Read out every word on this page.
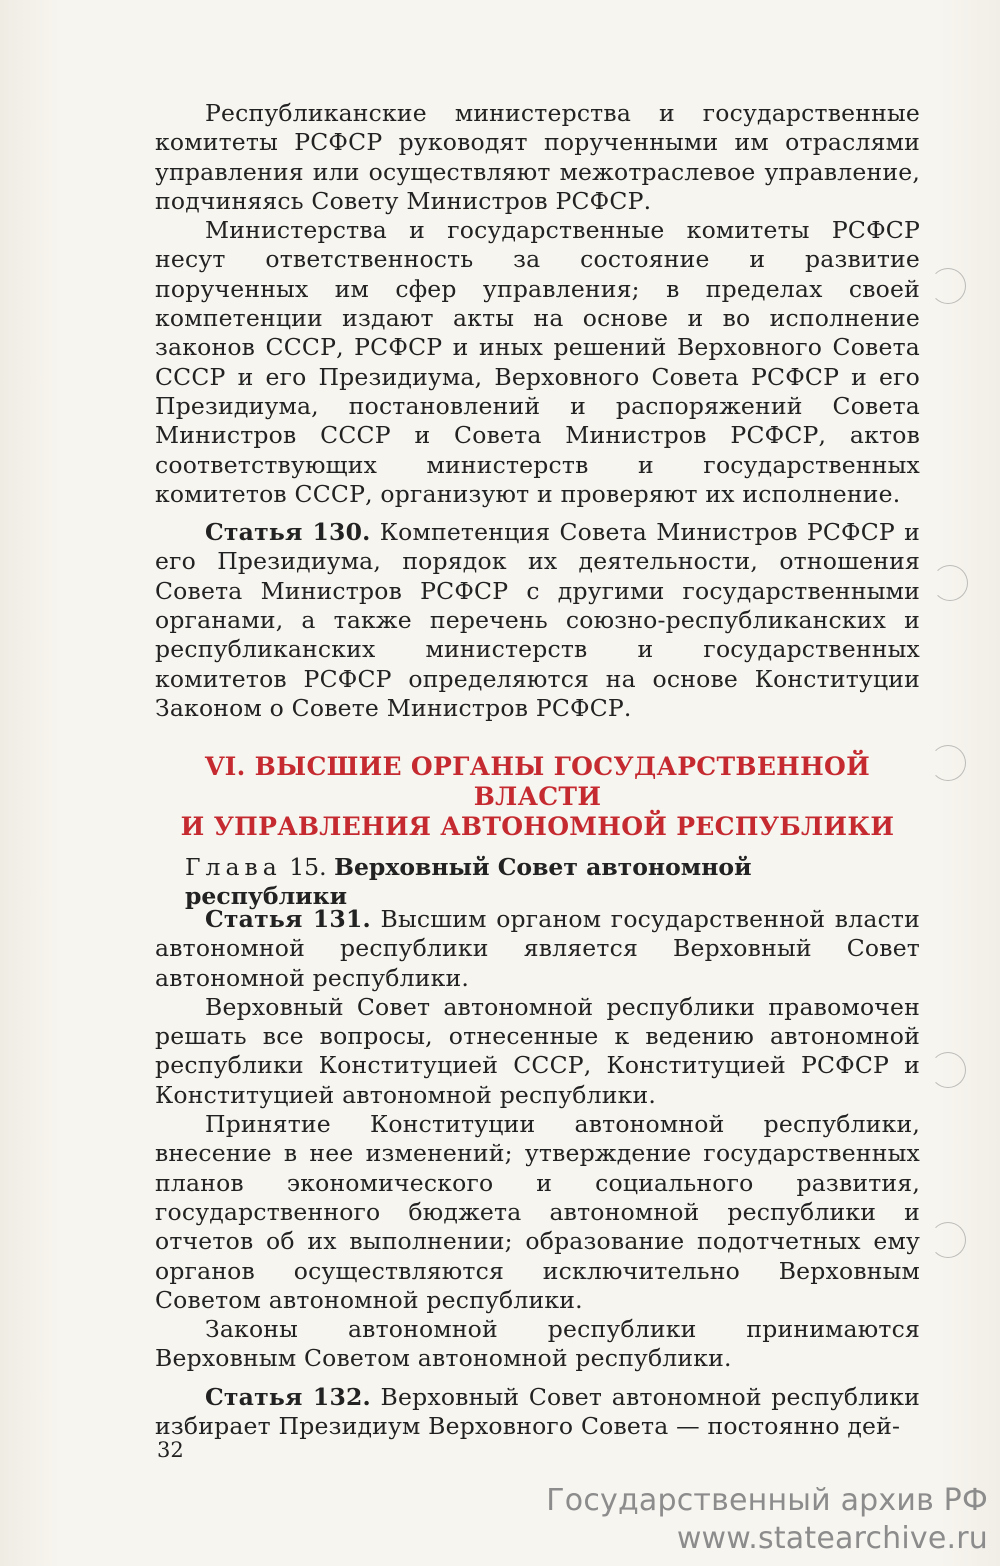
Республиканские министерства и государственные комитеты РСФСР руководят порученными им отраслями управления или осуществляют межотраслевое управление, подчиняясь Совету Министров РСФСР.

Министерства и государственные комитеты РСФСР несут ответственность за состояние и развитие порученных им сфер управления; в пределах своей компетенции издают акты на основе и во исполнение законов СССР, РСФСР и иных решений Верховного Совета СССР и его Президиума, Верховного Совета РСФСР и его Президиума, постановлений и распоряжений Совета Министров СССР и Совета Министров РСФСР, актов соответствующих министерств и государственных комитетов СССР, организуют и проверяют их исполнение.

Статья 130. Компетенция Совета Министров РСФСР и его Президиума, порядок их деятельности, отношения Совета Министров РСФСР с другими государственными органами, а также перечень союзно-республиканских и республиканских министерств и государственных комитетов РСФСР определяются на основе Конституции Законом о Совете Министров РСФСР.

VI. ВЫСШИЕ ОРГАНЫ ГОСУДАРСТВЕННОЙ ВЛАСТИ
И УПРАВЛЕНИЯ АВТОНОМНОЙ РЕСПУБЛИКИ
Глава 15. Верховный Совет автономной республики

Статья 131. Высшим органом государственной власти автономной республики является Верховный Совет автономной республики.

Верховный Совет автономной республики правомочен решать все вопросы, отнесенные к ведению автономной республики Конституцией СССР, Конституцией РСФСР и Конституцией автономной республики.

Принятие Конституции автономной республики, внесение в нее изменений; утверждение государственных планов экономического и социального развития, государственного бюджета автономной республики и отчетов об их выполнении; образование подотчетных ему органов осуществляются исключительно Верховным Советом автономной республики.

Законы автономной республики принимаются Верховным Советом автономной республики.

Статья 132. Верховный Совет автономной республики избирает Президиум Верховного Совета — постоянно дей-

32
Государственный архив РФ
www.statearchive.ru
